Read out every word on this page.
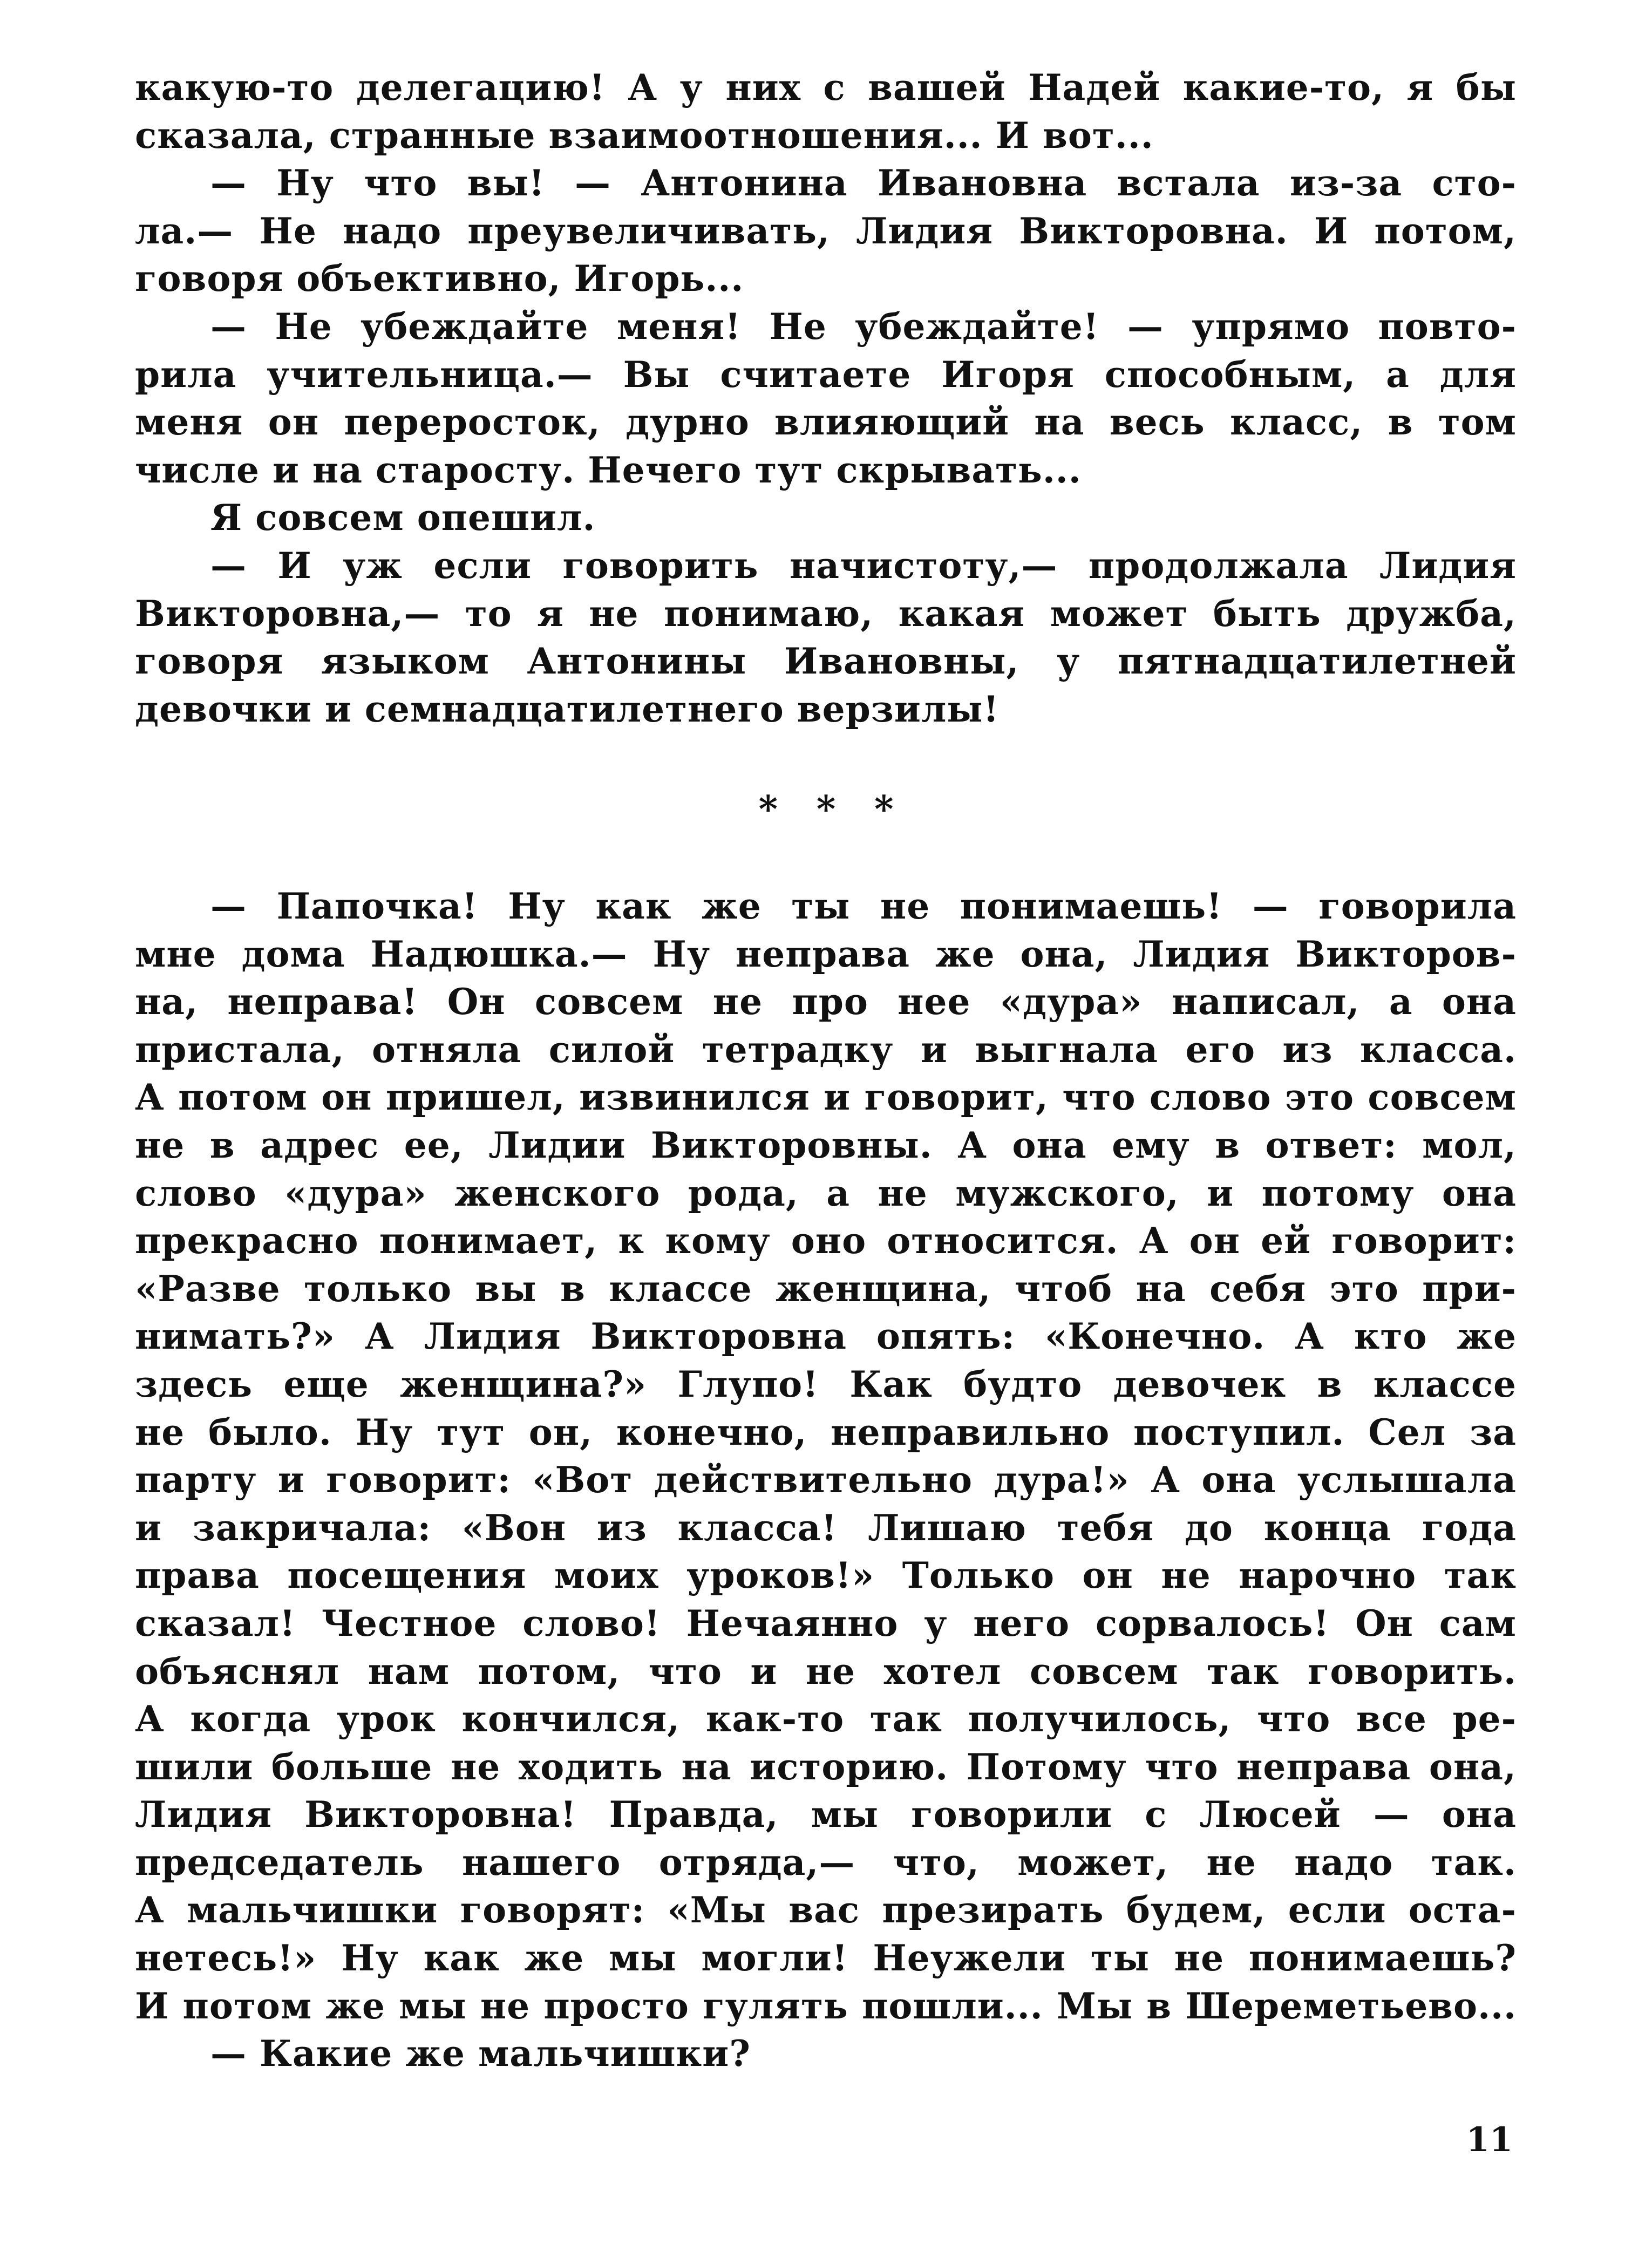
какую-то делегацию! А у них с вашей Надей какие-то, я бы
сказала, странные взаимоотношения... И вот...
— Ну что вы! — Антонина Ивановна встала из-за сто-
ла.— Не надо преувеличивать, Лидия Викторовна. И потом,
говоря объективно, Игорь...
— Не убеждайте меня! Не убеждайте! — упрямо повто-
рила учительница.— Вы считаете Игоря способным, а для
меня он переросток, дурно влияющий на весь класс, в том
числе и на старосту. Нечего тут скрывать...
Я совсем опешил.
— И уж если говорить начистоту,— продолжала Лидия
Викторовна,— то я не понимаю, какая может быть дружба,
говоря языком Антонины Ивановны, у пятнадцатилетней
девочки и семнадцатилетнего верзилы!
* * *
— Папочка! Ну как же ты не понимаешь! — говорила
мне дома Надюшка.— Ну неправа же она, Лидия Викторов-
на, неправа! Он совсем не про нее «дура» написал, а она
пристала, отняла силой тетрадку и выгнала его из класса.
А потом он пришел, извинился и говорит, что слово это совсем
не в адрес ее, Лидии Викторовны. А она ему в ответ: мол,
слово «дура» женского рода, а не мужского, и потому она
прекрасно понимает, к кому оно относится. А он ей говорит:
«Разве только вы в классе женщина, чтоб на себя это при-
нимать?» А Лидия Викторовна опять: «Конечно. А кто же
здесь еще женщина?» Глупо! Как будто девочек в классе
не было. Ну тут он, конечно, неправильно поступил. Сел за
парту и говорит: «Вот действительно дура!» А она услышала
и закричала: «Вон из класса! Лишаю тебя до конца года
права посещения моих уроков!» Только он не нарочно так
сказал! Честное слово! Нечаянно у него сорвалось! Он сам
объяснял нам потом, что и не хотел совсем так говорить.
А когда урок кончился, как-то так получилось, что все ре-
шили больше не ходить на историю. Потому что неправа она,
Лидия Викторовна! Правда, мы говорили с Люсей — она
председатель нашего отряда,— что, может, не надо так.
А мальчишки говорят: «Мы вас презирать будем, если оста-
нетесь!» Ну как же мы могли! Неужели ты не понимаешь?
И потом же мы не просто гулять пошли... Мы в Шереметьево...
— Какие же мальчишки?
11
